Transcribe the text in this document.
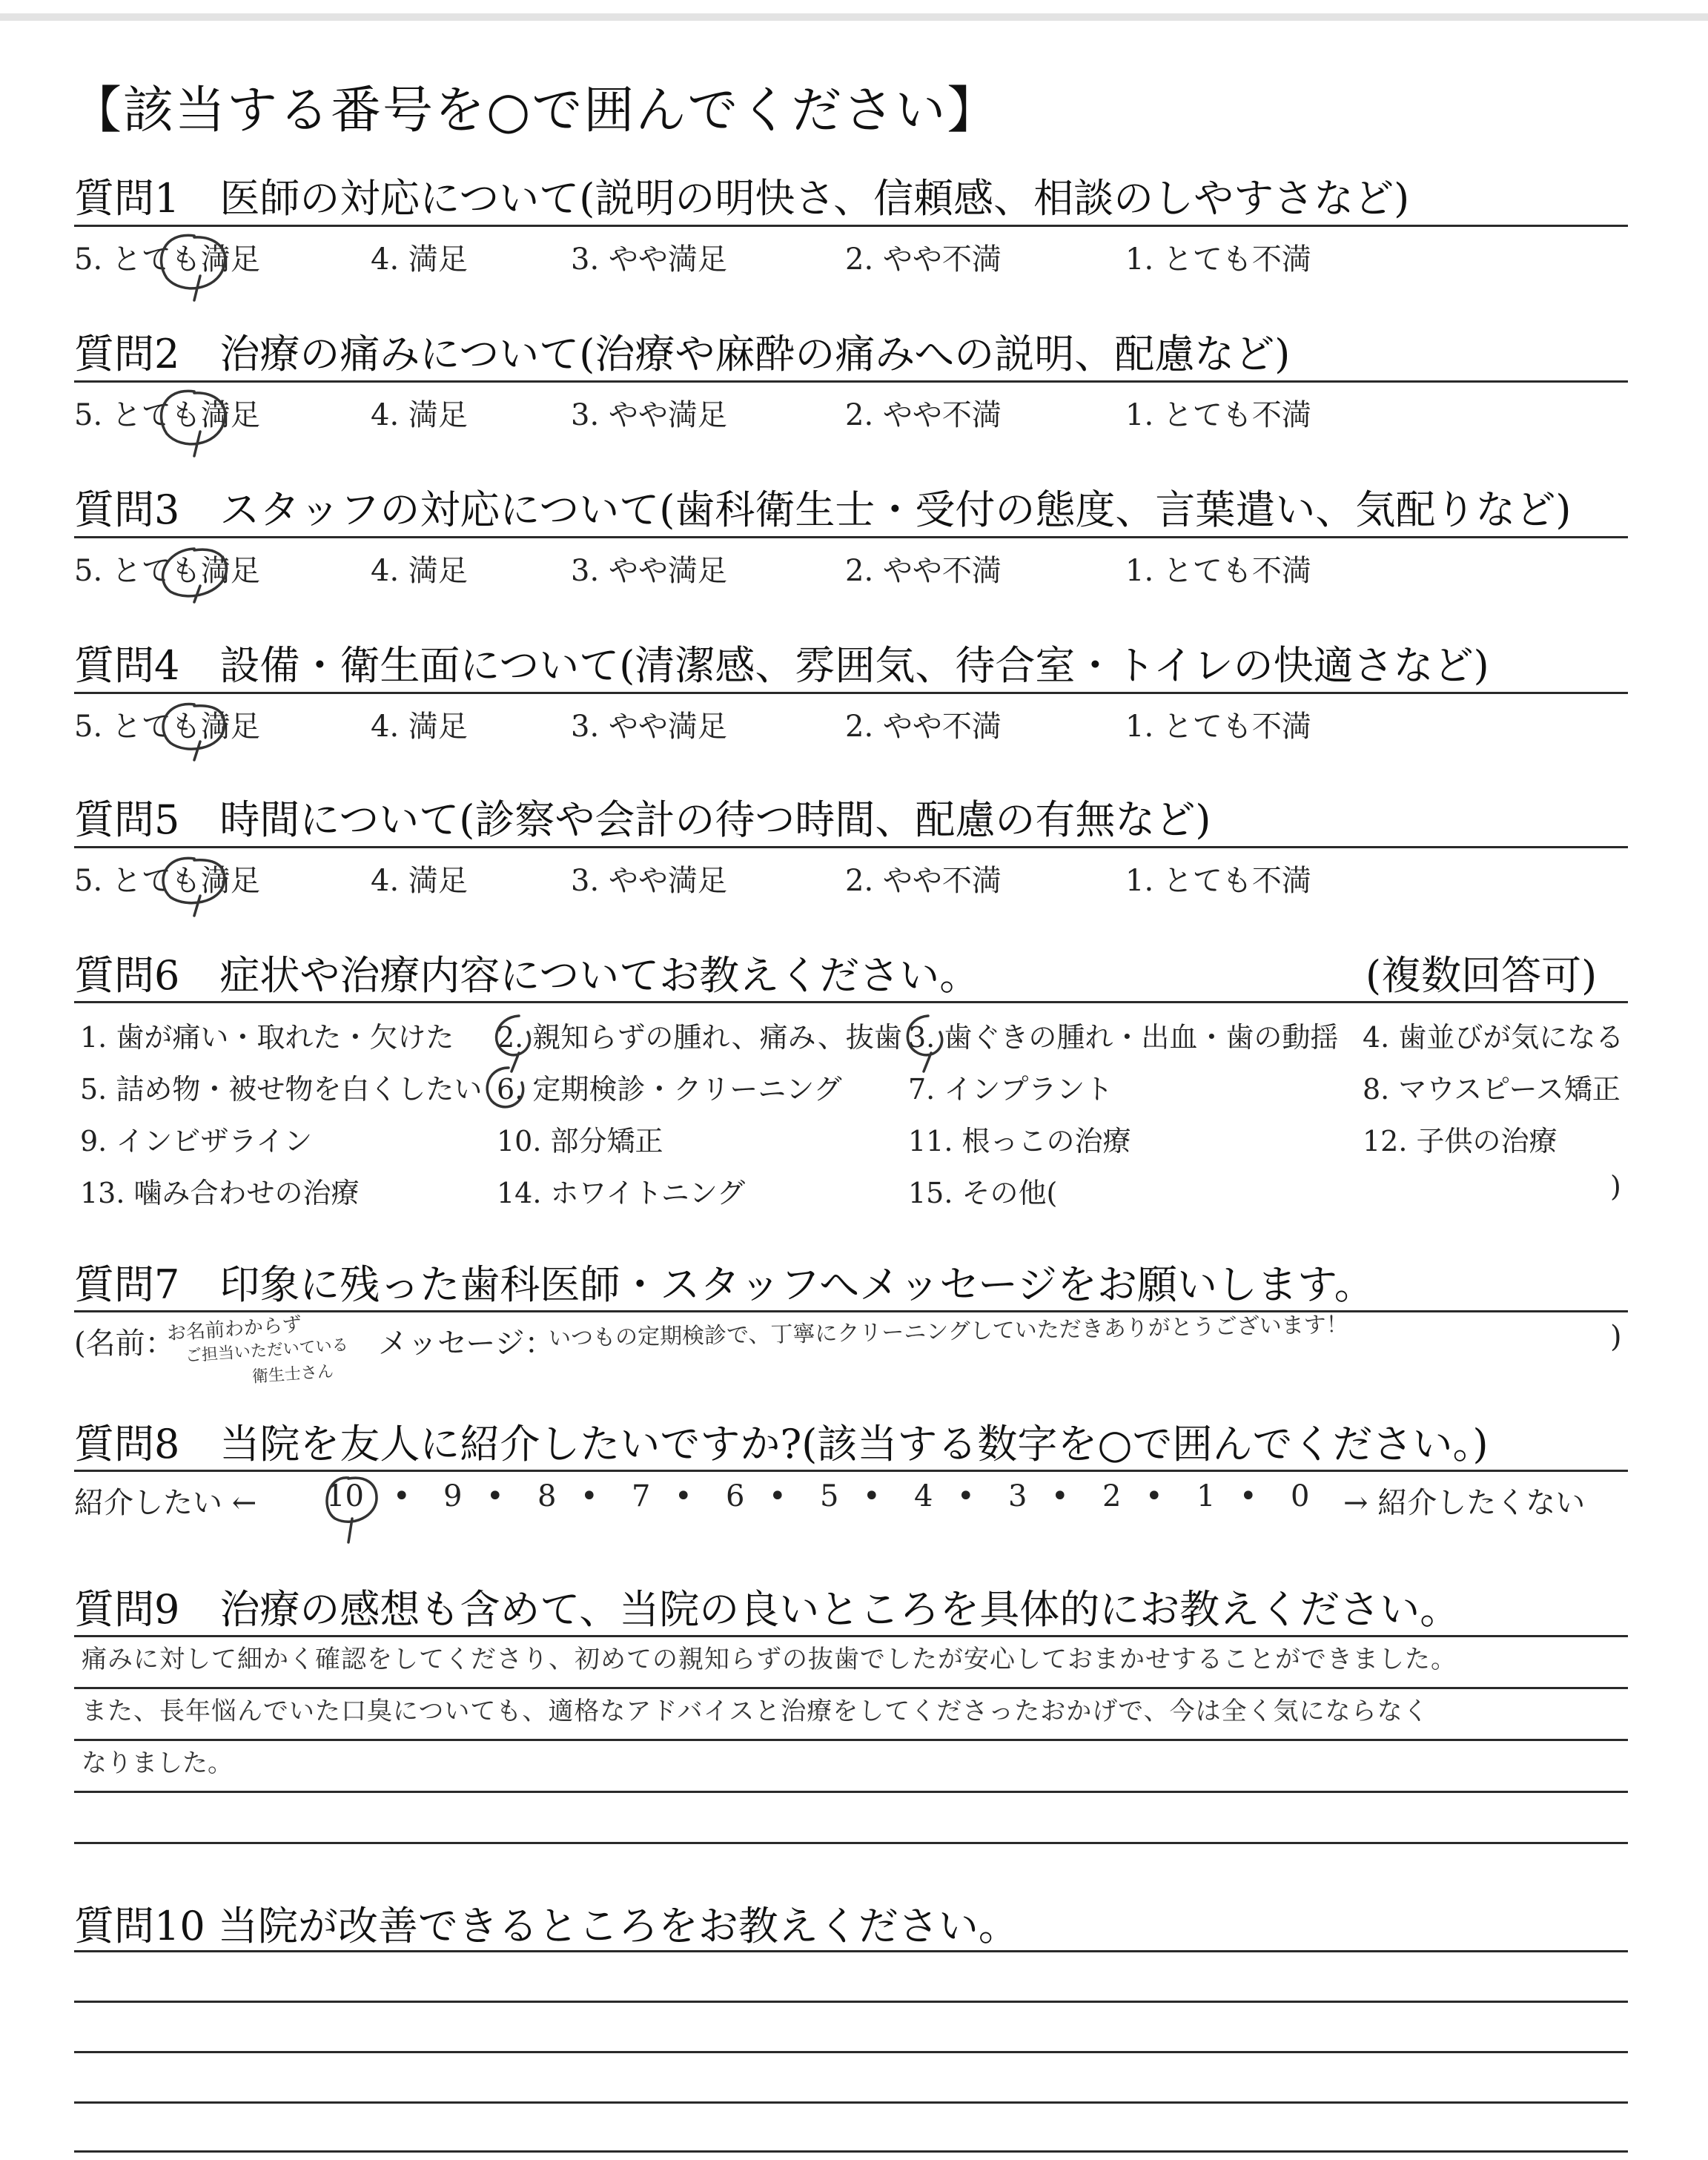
【該当する番号を○で囲んでください】
質問1　医師の対応について(説明の明快さ、信頼感、相談のしやすさなど)
5. とても満足	4. 満足	3. やや満足	2. やや不満	1. とても不満
質問2　治療の痛みについて(治療や麻酔の痛みへの説明、配慮など)
5. とても満足	4. 満足	3. やや満足	2. やや不満	1. とても不満
質問3　スタッフの対応について(歯科衛生士・受付の態度、言葉遣い、気配りなど)
5. とても満足	4. 満足	3. やや満足	2. やや不満	1. とても不満
質問4　設備・衛生面について(清潔感、雰囲気、待合室・トイレの快適さなど)
5. とても満足	4. 満足	3. やや満足	2. やや不満	1. とても不満
質問5　時間について(診察や会計の待つ時間、配慮の有無など)
5. とても満足	4. 満足	3. やや満足	2. やや不満	1. とても不満
質問6　症状や治療内容についてお教えください。	(複数回答可)
1. 歯が痛い・取れた・欠けた 2. 親知らずの腫れ、痛み、抜歯 3. 歯ぐきの腫れ・出血・歯の動揺 4. 歯並びが気になる
5. 詰め物・被せ物を白くしたい 6. 定期検診・クリーニング 7. インプラント	8. マウスピース矯正
9. インビザライン	10. 部分矯正	11. 根っこの治療	12. 子供の治療
13. 噛み合わせの治療	14. ホワイトニング	15. その他(	)
質問7　印象に残った歯科医師・スタッフへメッセージをお願いします。
(名前：
お名前わからず
ご担当いただいている
衛生士さん
メッセージ：
いつもの定期検診で、丁寧にクリーニングしていただきありがとうございます！	)
質問8　当院を友人に紹介したいですか?(該当する数字を○で囲んでください。)
紹介したい ← 10 • 9 • 8 • 7 • 6 • 5 • 4 • 3 • 2 • 1 • 0 → 紹介したくない
質問9　治療の感想も含めて、当院の良いところを具体的にお教えください。
痛みに対して細かく確認をしてくださり、初めての親知らずの抜歯でしたが安心しておまかせすることができました。
また、長年悩んでいた口臭についても、適格なアドバイスと治療をしてくださったおかげで、今は全く気にならなく
なりました。
質問10 当院が改善できるところをお教えください。
